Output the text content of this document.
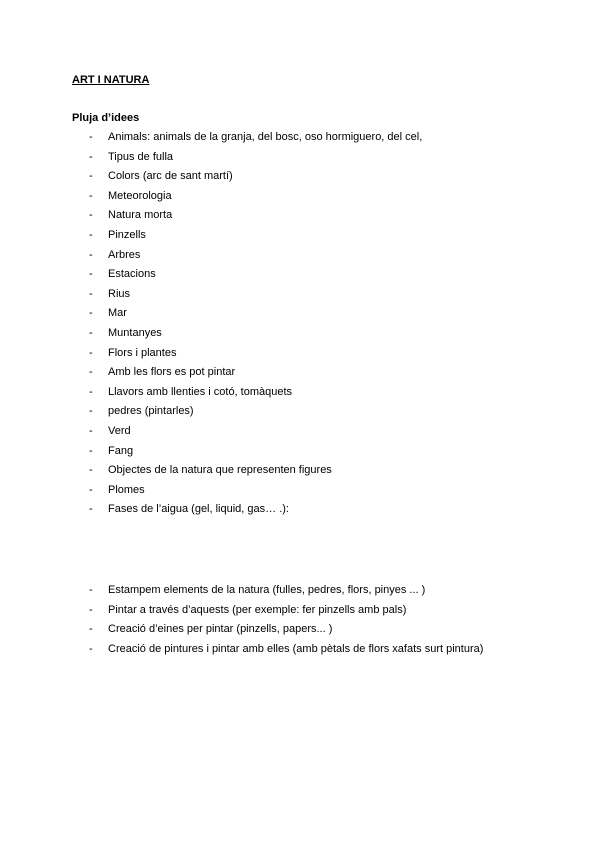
ART I NATURA
Pluja d’idees
-	Animals: animals de la granja, del bosc, oso hormiguero, del cel,
-	Tipus de fulla
-	Colors (arc de sant martí)
-	Meteorologia
-	Natura morta
-	Pinzells
-	Arbres
-	Estacions
-	Rius
-	Mar
-	Muntanyes
-	Flors i plantes
-	Amb les flors es pot pintar
-	Llavors amb llenties i cotó, tomàquets
-	pedres (pintarles)
-	Verd
-	Fang
-	Objectes de la natura que representen figures
-	Plomes
-	Fases de l’aigua (gel, liquid, gas… .):
-	Estampem elements de la natura (fulles, pedres, flors, pinyes ... )
-	Pintar a través d’aquests (per exemple: fer pinzells amb pals)
-	Creació d’eines per pintar (pinzells, papers... )
-	Creació de pintures i pintar amb elles (amb pètals de flors xafats surt pintura)
